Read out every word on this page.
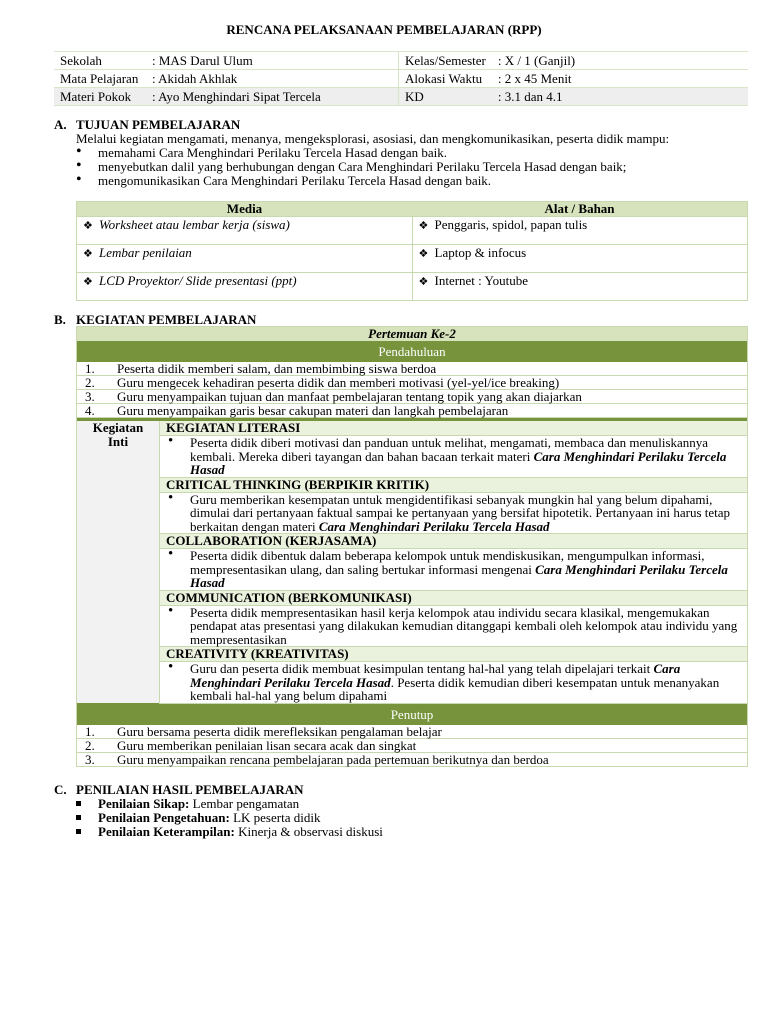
RENCANA PELAKSANAAN PEMBELAJARAN (RPP)
Sekolah	: MAS Darul Ulum	Kelas/Semester	: X / 1 (Ganjil)
Mata Pelajaran	: Akidah Akhlak	Alokasi Waktu	: 2 x 45 Menit
Materi Pokok	: Ayo Menghindari Sipat Tercela	KD	: 3.1 dan 4.1
A. TUJUAN PEMBELAJARAN
Melalui kegiatan mengamati, menanya, mengeksplorasi, asosiasi, dan mengkomunikasikan, peserta didik mampu:
• memahami Cara Menghindari Perilaku Tercela Hasad dengan baik.
• menyebutkan dalil yang berhubungan dengan Cara Menghindari Perilaku Tercela Hasad dengan baik;
• mengomunikasikan Cara Menghindari Perilaku Tercela Hasad dengan baik.
Media	Alat / Bahan
❖ Worksheet atau lembar kerja (siswa)	❖ Penggaris, spidol, papan tulis
❖ Lembar penilaian	❖ Laptop & infocus
❖ LCD Proyektor/ Slide presentasi (ppt)	❖ Internet : Youtube
B. KEGIATAN PEMBELAJARAN
Pertemuan Ke-2
Pendahuluan
1. Peserta didik memberi salam, dan membimbing siswa berdoa
2. Guru mengecek kehadiran peserta didik dan memberi motivasi (yel-yel/ice breaking)
3. Guru menyampaikan tujuan dan manfaat pembelajaran tentang topik yang akan diajarkan
4. Guru menyampaikan garis besar cakupan materi dan langkah pembelajaran

Kegiatan
Inti
	KEGIATAN LITERASI

• Peserta didik diberi motivasi dan panduan untuk melihat, mengamati, membaca dan menuliskannya kembali. Mereka diberi tayangan dan bahan bacaan terkait materi Cara Menghindari Perilaku Tercela Hasad
CRITICAL THINKING (BERPIKIR KRITIK)

• Guru memberikan kesempatan untuk mengidentifikasi sebanyak mungkin hal yang belum dipahami, dimulai dari pertanyaan faktual sampai ke pertanyaan yang bersifat hipotetik. Pertanyaan ini harus tetap berkaitan dengan materi Cara Menghindari Perilaku Tercela Hasad
COLLABORATION (KERJASAMA)

• Peserta didik dibentuk dalam beberapa kelompok untuk mendiskusikan, mengumpulkan informasi, mempresentasikan ulang, dan saling bertukar informasi mengenai Cara Menghindari Perilaku Tercela Hasad
COMMUNICATION (BERKOMUNIKASI)

• Peserta didik mempresentasikan hasil kerja kelompok atau individu secara klasikal, mengemukakan pendapat atas presentasi yang dilakukan kemudian ditanggapi kembali oleh kelompok atau individu yang mempresentasikan
CREATIVITY (KREATIVITAS)

• Guru dan peserta didik membuat kesimpulan tentang hal-hal yang telah dipelajari terkait Cara Menghindari Perilaku Tercela Hasad. Peserta didik kemudian diberi kesempatan untuk menanyakan kembali hal-hal yang belum dipahami
Penutup
1. Guru bersama peserta didik merefleksikan pengalaman belajar
2. Guru memberikan penilaian lisan secara acak dan singkat
3. Guru menyampaikan rencana pembelajaran pada pertemuan berikutnya dan berdoa
C. PENILAIAN HASIL PEMBELAJARAN
Penilaian Sikap: Lembar pengamatan
Penilaian Pengetahuan: LK peserta didik
Penilaian Keterampilan: Kinerja & observasi diskusi
